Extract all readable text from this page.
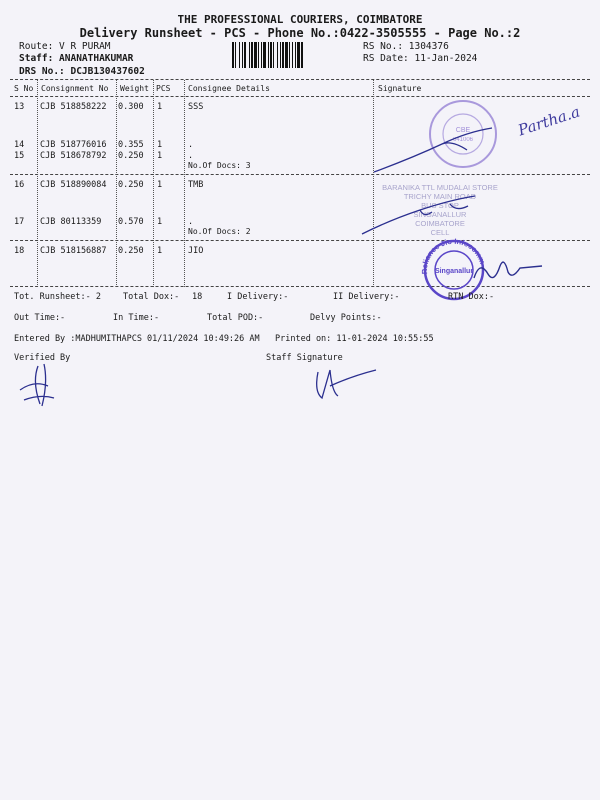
THE PROFESSIONAL COURIERS, COIMBATORE
Delivery Runsheet - PCS - Phone No.:0422-3505555 - Page No.:2
Route: V R PURAM
Staff: ANANATHAKUMAR
DRS No.: DCJB130437602
RS No.: 1304376
RS Date: 11-Jan-2024
S No Consignment No Weight PCS Consignee Details	Signature
13 CJB 518858222 0.300 1	SSS
14 CJB 518776016 0.355 1	.
15 CJB 518678792 0.250 1	.
No.Of Docs: 3
16 CJB 518890084 0.250 1	TMB
17 CJB 80113359 0.570 1	.
No.Of Docs: 2
18 CJB 518156887 0.250 1	JIO
CBE
641006
Partha.a
BARANIKA TTL MUDALAI STORE
TRICHY MAIN ROAD
BUS STOP
SINGANALLUR
COIMBATORE
CELL
Reliance Jio Infocomm
Singanallur
Tot. Runsheet:- 2	Total Dox:- 18	I Delivery:-	II Delivery:-	RTN Dox:-
Out Time:-	In Time:-	Total POD:-	Delvy Points:-
Entered By :MADHUMITHAPCS 01/11/2024 10:49:26 AM Printed on: 11-01-2024 10:55:55
Verified By	Staff Signature
